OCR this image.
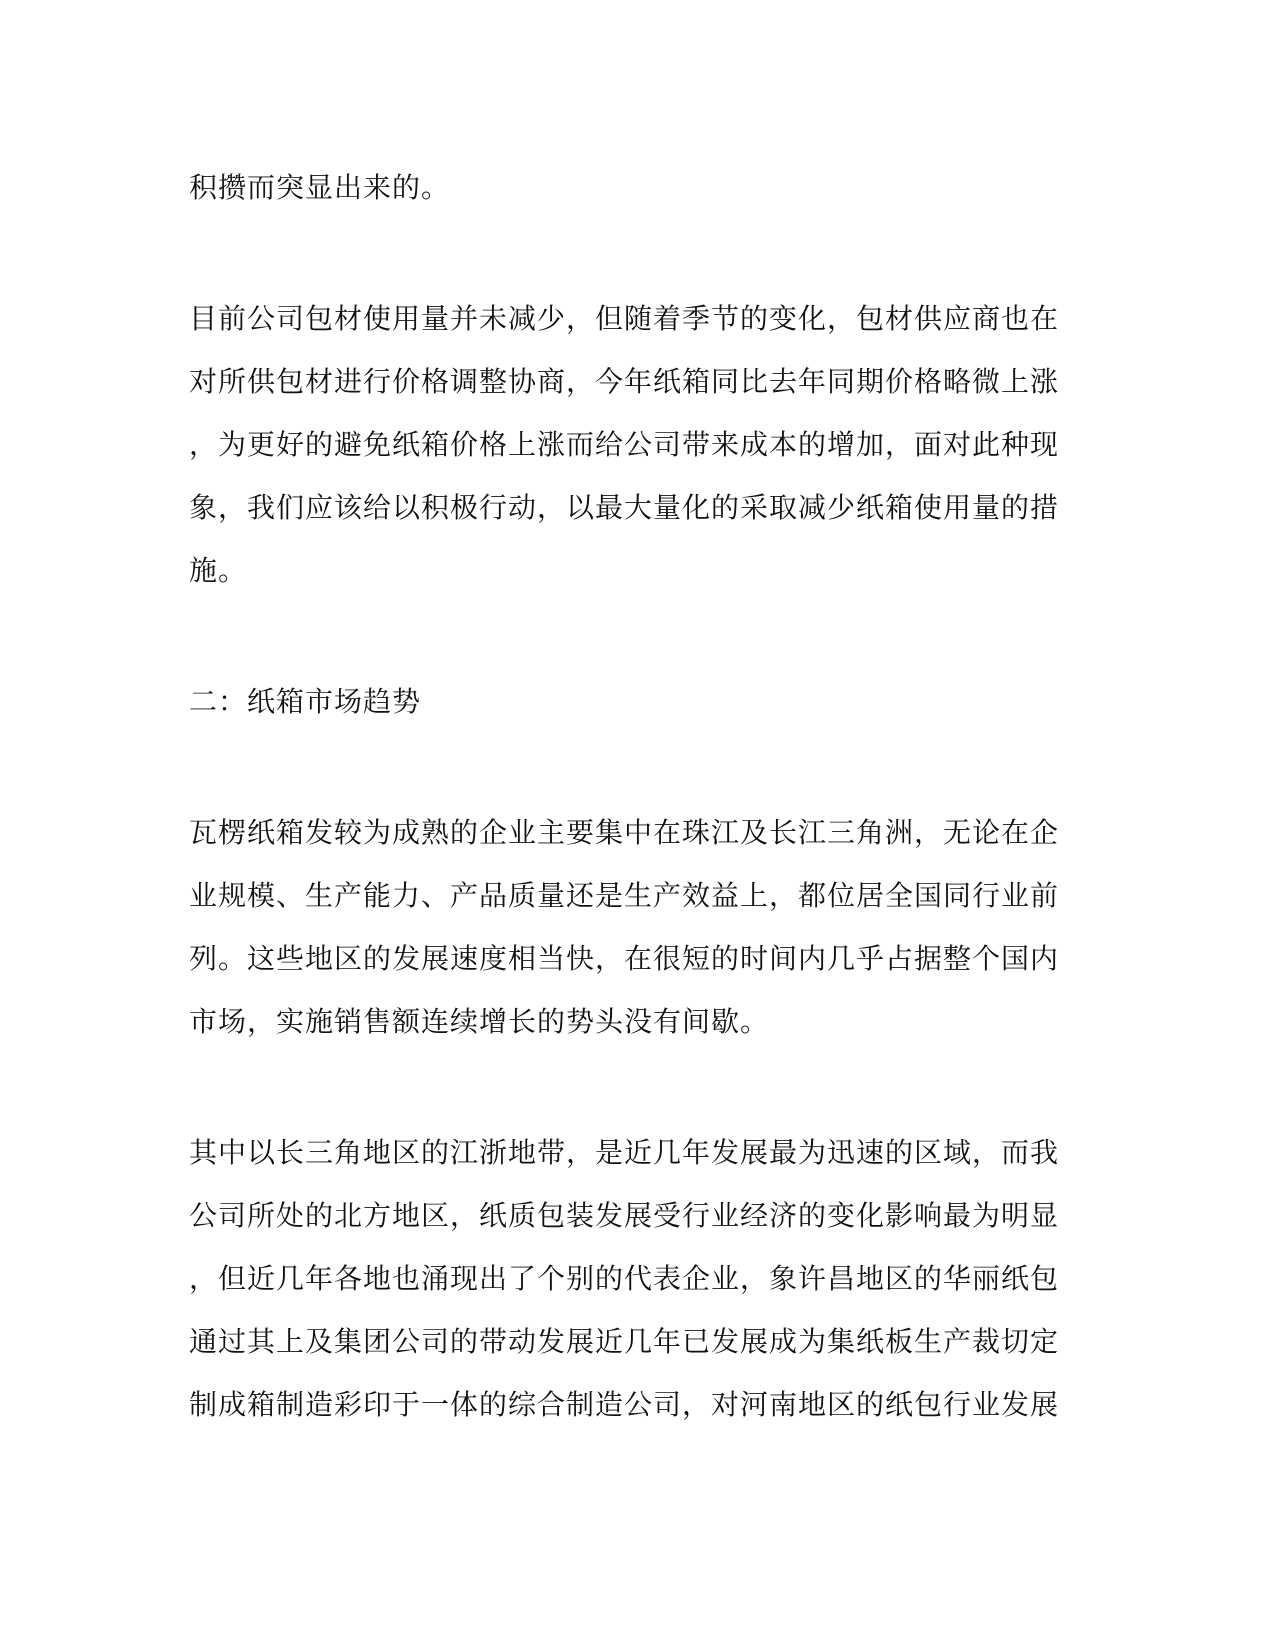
积攒而突显出来的。
目前公司包材使用量并未减少，但随着季节的变化，包材供应商也在
对所供包材进行价格调整协商，今年纸箱同比去年同期价格略微上涨
，为更好的避免纸箱价格上涨而给公司带来成本的增加，面对此种现
象，我们应该给以积极行动，以最大量化的采取减少纸箱使用量的措
施。
二：纸箱市场趋势
瓦楞纸箱发较为成熟的企业主要集中在珠江及长江三角洲，无论在企
业规模、生产能力、产品质量还是生产效益上，都位居全国同行业前
列。这些地区的发展速度相当快，在很短的时间内几乎占据整个国内
市场，实施销售额连续增长的势头没有间歇。
其中以长三角地区的江浙地带，是近几年发展最为迅速的区域，而我
公司所处的北方地区，纸质包装发展受行业经济的变化影响最为明显
，但近几年各地也涌现出了个别的代表企业，象许昌地区的华丽纸包
通过其上及集团公司的带动发展近几年已发展成为集纸板生产裁切定
制成箱制造彩印于一体的综合制造公司，对河南地区的纸包行业发展
